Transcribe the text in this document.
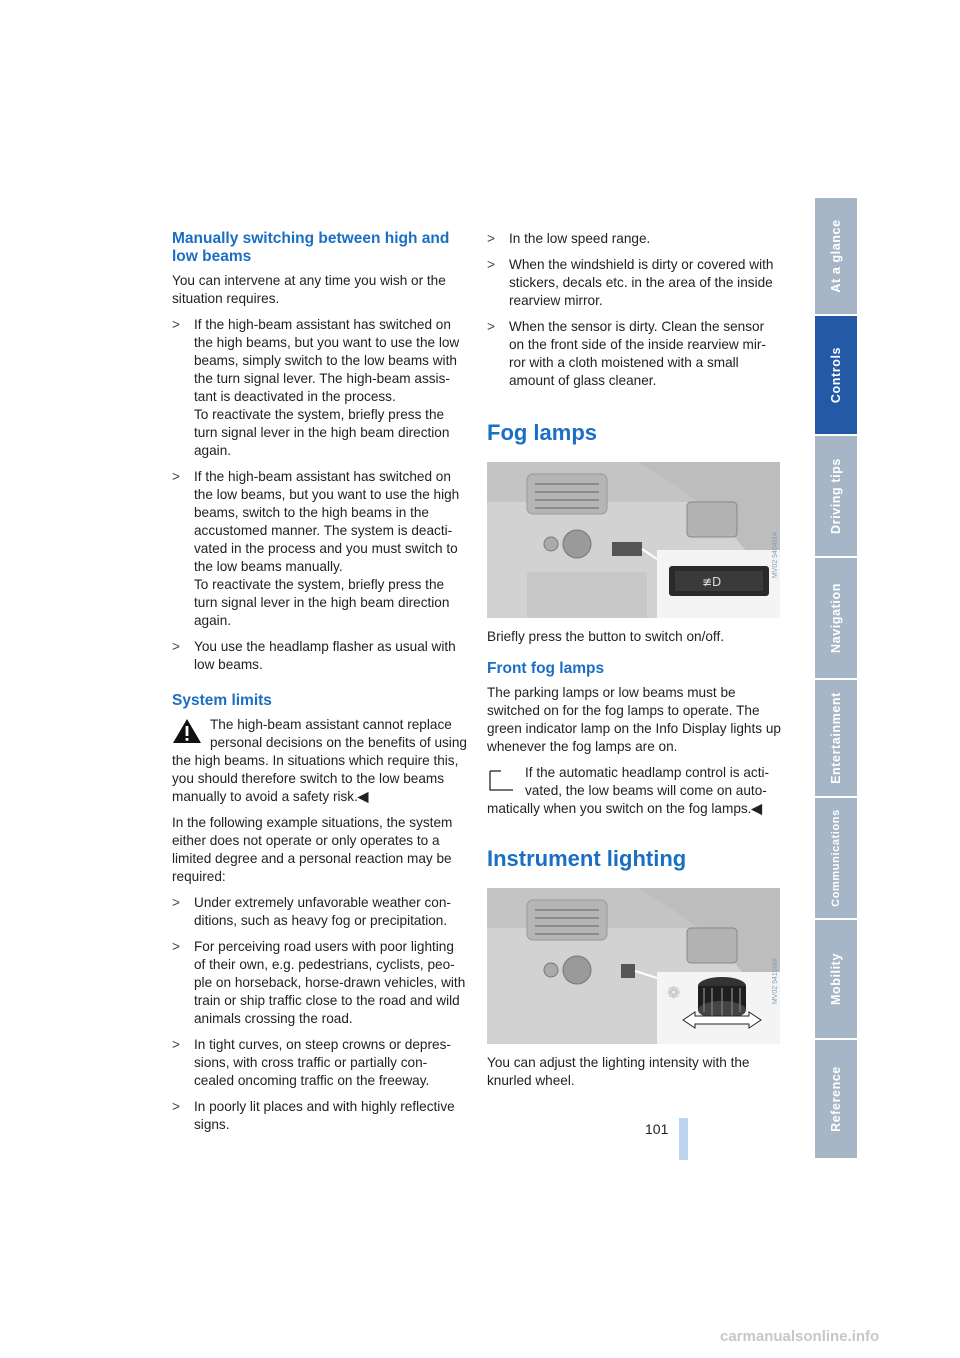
Manually switching between high and low beams

You can intervene at any time you wish or the situation requires.

> If the high-beam assistant has switched on the high beams, but you want to use the low beams, simply switch to the low beams with the turn signal lever. The high-beam assis-tant is deactivated in the process.
To reactivate the system, briefly press the turn signal lever in the high beam direction again.
> If the high-beam assistant has switched on the low beams, but you want to use the high beams, switch to the high beams in the accustomed manner. The system is deacti-vated in the process and you must switch to the low beams manually.
To reactivate the system, briefly press the turn signal lever in the high beam direction again.
> You use the headlamp flasher as usual with low beams.
System limits
The high-beam assistant cannot replace personal decisions on the benefits of using the high beams. In situations which require this, you should therefore switch to the low beams manually to avoid a safety risk.◀

In the following example situations, the system either does not operate or only operates to a limited degree and a personal reaction may be required:

> Under extremely unfavorable weather con-ditions, such as heavy fog or precipitation.
> For perceiving road users with poor lighting of their own, e.g. pedestrians, cyclists, peo-ple on horseback, horse-drawn vehicles, with train or ship traffic close to the road and wild animals crossing the road.
> In tight curves, on steep crowns or depres-sions, with cross traffic or partially con-cealed oncoming traffic on the freeway.
> In poorly lit places and with highly reflective signs.
> In the low speed range.
> When the windshield is dirty or covered with stickers, decals etc. in the area of the inside rearview mirror.
> When the sensor is dirty. Clean the sensor on the front side of the inside rearview mir-ror with a cloth moistened with a small amount of glass cleaner.
Fog lamps
≢D
MV02 9404MA

Briefly press the button to switch on/off.

Front fog lamps

The parking lamps or low beams must be switched on for the fog lamps to operate. The green indicator lamp on the Info Display lights up whenever the fog lamps are on.

If the automatic headlamp control is acti-vated, the low beams will come on auto-matically when you switch on the fog lamps.◀
Instrument lighting
❁	MV02 9410MA

You can adjust the lighting intensity with the knurled wheel.

At a glance
Controls
Driving tips
Navigation
Entertainment
Communications
Mobility
Reference
101
carmanualsonline.info
